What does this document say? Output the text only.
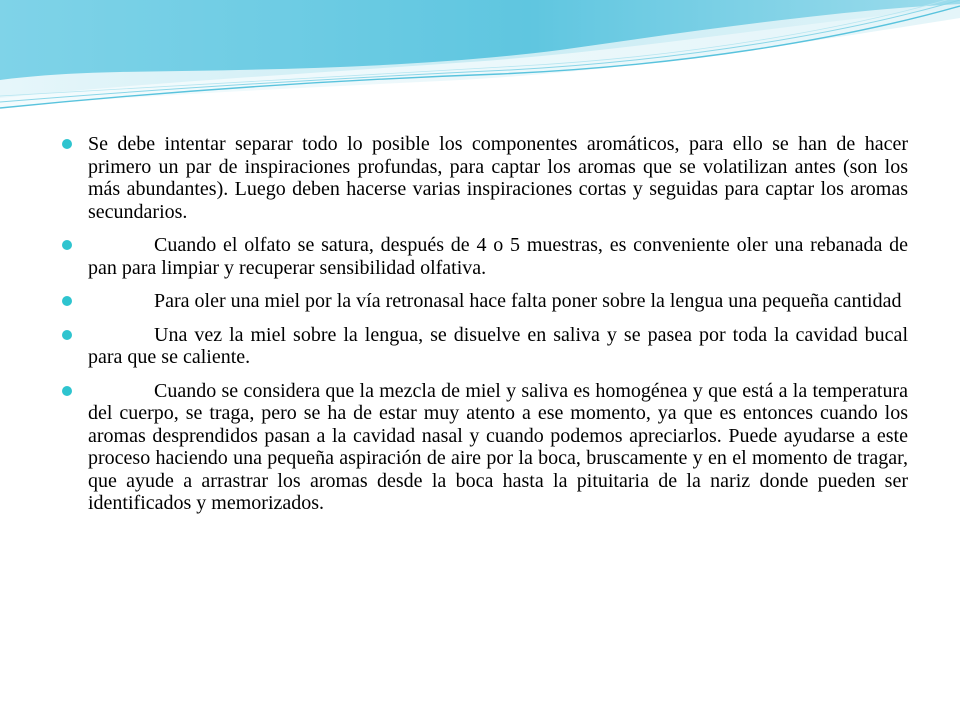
Se debe intentar separar todo lo posible los componentes aromáticos, para ello se han de hacer primero un par de inspiraciones profundas, para captar los aromas que se volatilizan antes (son los más abundantes). Luego deben hacerse varias inspiraciones cortas y seguidas para captar los aromas secundarios.
Cuando el olfato se satura, después de 4 o 5 muestras, es conveniente oler una rebanada de pan para limpiar y recuperar sensibilidad olfativa.
Para oler una miel por la vía retronasal hace falta poner sobre la lengua una pequeña cantidad
Una vez la miel sobre la lengua, se disuelve en saliva y se pasea por toda la cavidad bucal para que se caliente.
Cuando se considera que la mezcla de miel y saliva es homogénea y que está a la temperatura del cuerpo, se traga, pero se ha de estar muy atento a ese momento, ya que es entonces cuando los aromas desprendidos pasan a la cavidad nasal y cuando podemos apreciarlos. Puede ayudarse a este proceso haciendo una pequeña aspiración de aire por la boca, bruscamente y en el momento de tragar, que ayude a arrastrar los aromas desde la boca hasta la pituitaria de la nariz donde pueden ser identificados y memorizados.
